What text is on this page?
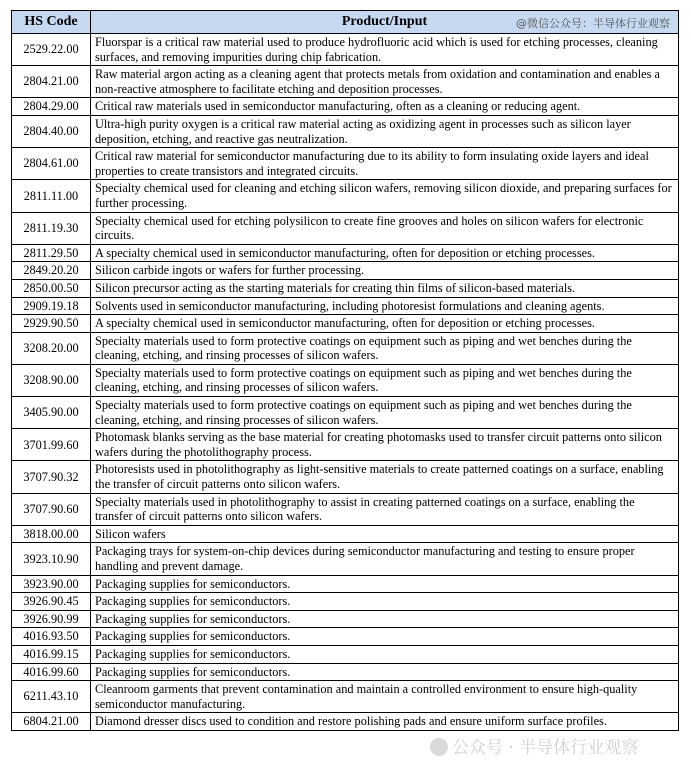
HS Code	Product/Input @微信公众号：半导体行业观察

2529.22.00	Fluorspar is a critical raw material used to produce hydrofluoric acid which is used for etching processes, cleaning surfaces, and removing impurities during chip fabrication.
2804.21.00	Raw material argon acting as a cleaning agent that protects metals from oxidation and contamination and enables a non-reactive atmosphere to facilitate etching and deposition processes.
2804.29.00	Critical raw materials used in semiconductor manufacturing, often as a cleaning or reducing agent.
2804.40.00	Ultra-high purity oxygen is a critical raw material acting as oxidizing agent in processes such as silicon layer deposition, etching, and reactive gas neutralization.
2804.61.00	Critical raw material for semiconductor manufacturing due to its ability to form insulating oxide layers and ideal properties to create transistors and integrated circuits.
2811.11.00	Specialty chemical used for cleaning and etching silicon wafers, removing silicon dioxide, and preparing surfaces for further processing.
2811.19.30	Specialty chemical used for etching polysilicon to create fine grooves and holes on silicon wafers for electronic circuits.
2811.29.50	A specialty chemical used in semiconductor manufacturing, often for deposition or etching processes.
2849.20.20	Silicon carbide ingots or wafers for further processing.
2850.00.50	Silicon precursor acting as the starting materials for creating thin films of silicon-based materials.
2909.19.18	Solvents used in semiconductor manufacturing, including photoresist formulations and cleaning agents.
2929.90.50	A specialty chemical used in semiconductor manufacturing, often for deposition or etching processes.
3208.20.00	Specialty materials used to form protective coatings on equipment such as piping and wet benches during the cleaning, etching, and rinsing processes of silicon wafers.
3208.90.00	Specialty materials used to form protective coatings on equipment such as piping and wet benches during the cleaning, etching, and rinsing processes of silicon wafers.
3405.90.00	Specialty materials used to form protective coatings on equipment such as piping and wet benches during the cleaning, etching, and rinsing processes of silicon wafers.
3701.99.60	Photomask blanks serving as the base material for creating photomasks used to transfer circuit patterns onto silicon wafers during the photolithography process.
3707.90.32	Photoresists used in photolithography as light-sensitive materials to create patterned coatings on a surface, enabling the transfer of circuit patterns onto silicon wafers.
3707.90.60	Specialty materials used in photolithography to assist in creating patterned coatings on a surface, enabling the transfer of circuit patterns onto silicon wafers.
3818.00.00	Silicon wafers
3923.10.90	Packaging trays for system-on-chip devices during semiconductor manufacturing and testing to ensure proper handling and prevent damage.
3923.90.00	Packaging supplies for semiconductors.
3926.90.45	Packaging supplies for semiconductors.
3926.90.99	Packaging supplies for semiconductors.
4016.93.50	Packaging supplies for semiconductors.
4016.99.15	Packaging supplies for semiconductors.
4016.99.60	Packaging supplies for semiconductors.
6211.43.10	Cleanroom garments that prevent contamination and maintain a controlled environment to ensure high-quality semiconductor manufacturing.
6804.21.00	Diamond dresser discs used to condition and restore polishing pads and ensure uniform surface profiles.
公众号 · 半导体行业观察
